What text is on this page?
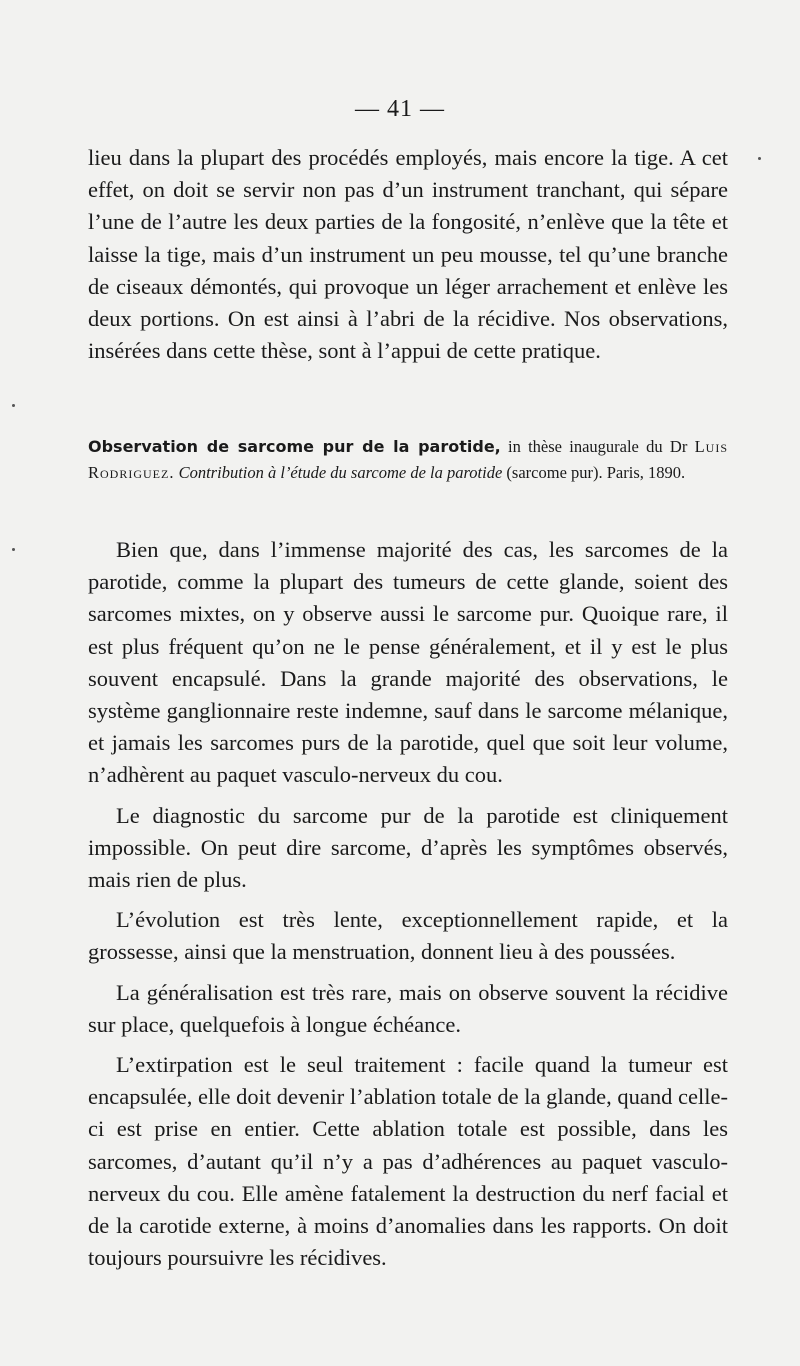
— 41 —

lieu dans la plupart des procédés employés, mais encore la tige. A cet effet, on doit se servir non pas d’un instrument tranchant, qui sépare l’une de l’autre les deux parties de la fongosité, n’enlève que la tête et laisse la tige, mais d’un instrument un peu mousse, tel qu’une branche de ciseaux démontés, qui provoque un léger arrachement et enlève les deux portions. On est ainsi à l’abri de la récidive. Nos observations, insérées dans cette thèse, sont à l’appui de cette pratique.

Observation de sarcome pur de la parotide, in thèse inaugurale du Dr Luis Rodriguez. Contribution à l’étude du sarcome de la parotide (sarcome pur). Paris, 1890.

Bien que, dans l’immense majorité des cas, les sarcomes de la parotide, comme la plupart des tumeurs de cette glande, soient des sarcomes mixtes, on y observe aussi le sarcome pur. Quoique rare, il est plus fréquent qu’on ne le pense généralement, et il y est le plus souvent encapsulé. Dans la grande majorité des observations, le système ganglionnaire reste indemne, sauf dans le sarcome mélanique, et jamais les sarcomes purs de la parotide, quel que soit leur volume, n’adhèrent au paquet vasculo-nerveux du cou.

Le diagnostic du sarcome pur de la parotide est cliniquement impossible. On peut dire sarcome, d’après les symptômes observés, mais rien de plus.

L’évolution est très lente, exceptionnellement rapide, et la grossesse, ainsi que la menstruation, donnent lieu à des poussées.

La généralisation est très rare, mais on observe souvent la récidive sur place, quelquefois à longue échéance.

L’extirpation est le seul traitement : facile quand la tumeur est encapsulée, elle doit devenir l’ablation totale de la glande, quand celle-ci est prise en entier. Cette ablation totale est possible, dans les sarcomes, d’autant qu’il n’y a pas d’adhérences au paquet vasculo-nerveux du cou. Elle amène fatalement la destruction du nerf facial et de la carotide externe, à moins d’anomalies dans les rapports. On doit toujours poursuivre les récidives.
